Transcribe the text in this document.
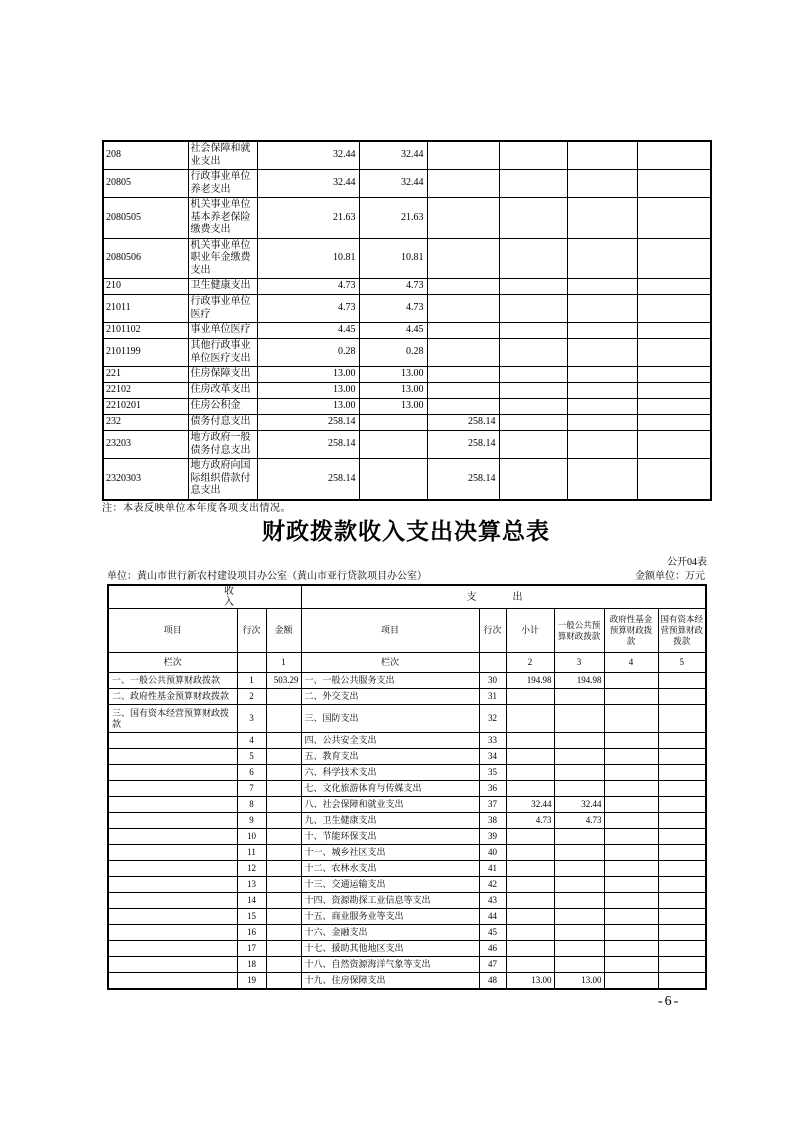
208	社会保障和就业支出	32.44	32.44				
20805	行政事业单位养老支出	32.44	32.44				
2080505	机关事业单位基本养老保险缴费支出	21.63	21.63				
2080506	机关事业单位职业年金缴费支出	10.81	10.81				
210	卫生健康支出	4.73	4.73				
21011	行政事业单位医疗	4.73	4.73				
2101102	事业单位医疗	4.45	4.45				
2101199	其他行政事业单位医疗支出	0.28	0.28				
221	住房保障支出	13.00	13.00				
22102	住房改革支出	13.00	13.00				
2210201	住房公积金	13.00	13.00				
232	债务付息支出	258.14		258.14			
23203	地方政府一般债务付息支出	258.14		258.14			
2320303	地方政府向国际组织借款付息支出	258.14		258.14			
注：本表反映单位本年度各项支出情况。
财政拨款收入支出决算总表
公开04表
单位：黄山市世行新农村建设项目办公室（黄山市亚行贷款项目办公室）	金额单位：万元
收入			支出					
项目	行次	金额	项目	行次	小计	一般公共预算财政拨款	政府性基金预算财政拨款	国有资本经营预算财政拨款
栏次		1	栏次		2	3	4	5
一、一般公共预算财政拨款	1	503.29	一、一般公共服务支出	30	194.98	194.98		
二、政府性基金预算财政拨款	2		二、外交支出	31				
三、国有资本经营预算财政拨款	3		三、国防支出	32				
	4		四、公共安全支出	33				
	5		五、教育支出	34				
	6		六、科学技术支出	35				
	7		七、文化旅游体育与传媒支出	36				
	8		八、社会保障和就业支出	37	32.44	32.44		
	9		九、卫生健康支出	38	4.73	4.73		
	10		十、节能环保支出	39				
	11		十一、城乡社区支出	40				
	12		十二、农林水支出	41				
	13		十三、交通运输支出	42				
	14		十四、资源勘探工业信息等支出	43				
	15		十五、商业服务业等支出	44				
	16		十六、金融支出	45				
	17		十七、援助其他地区支出	46				
	18		十八、自然资源海洋气象等支出	47				
	19		十九、住房保障支出	48	13.00	13.00		
-6-
